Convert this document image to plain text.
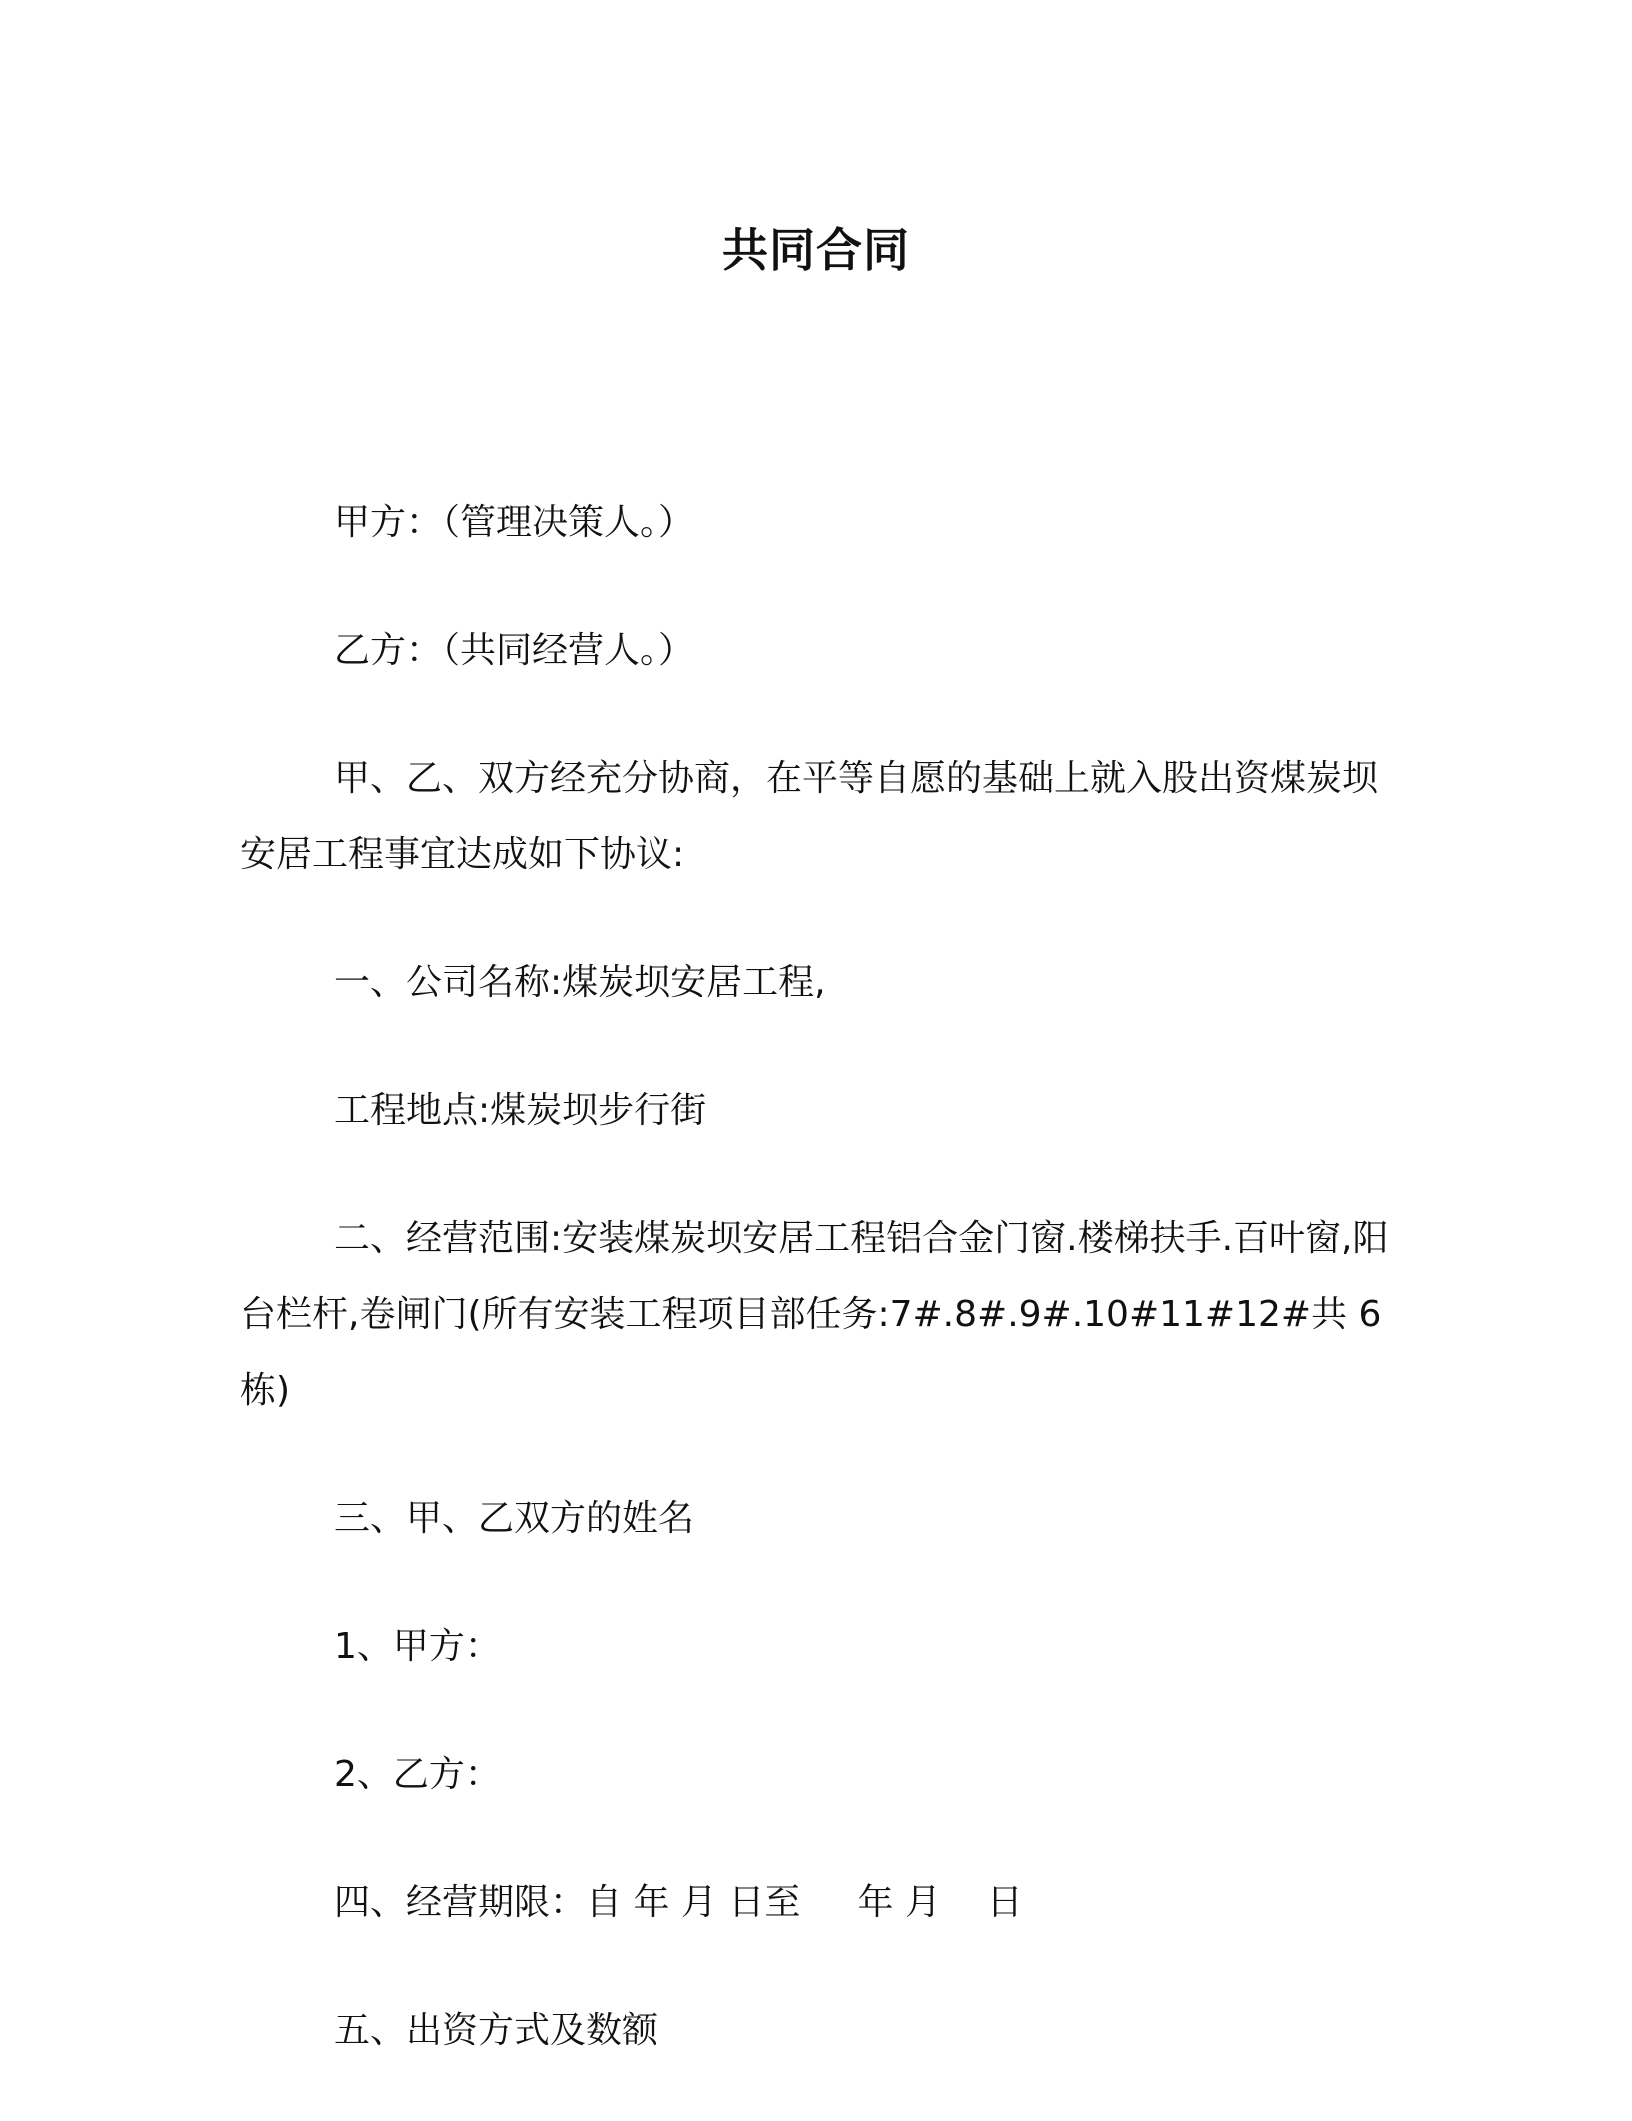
共同合同

甲方：（管理决策人。）

乙方：（共同经营人。）

甲、乙、双方经充分协商，在平等自愿的基础上就入股出资煤炭坝安居工程事宜达成如下协议:

一、公司名称:煤炭坝安居工程,

工程地点:煤炭坝步行街

二、经营范围:安装煤炭坝安居工程铝合金门窗.楼梯扶手.百叶窗,阳台栏杆,卷闸门(所有安装工程项目部任务:7#.8#.9#.10#11#12#共 6 栋)

三、甲、乙双方的姓名

1、甲方：

2、乙方：

四、经营期限：自 年 月 日至     年 月    日

五、出资方式及数额
